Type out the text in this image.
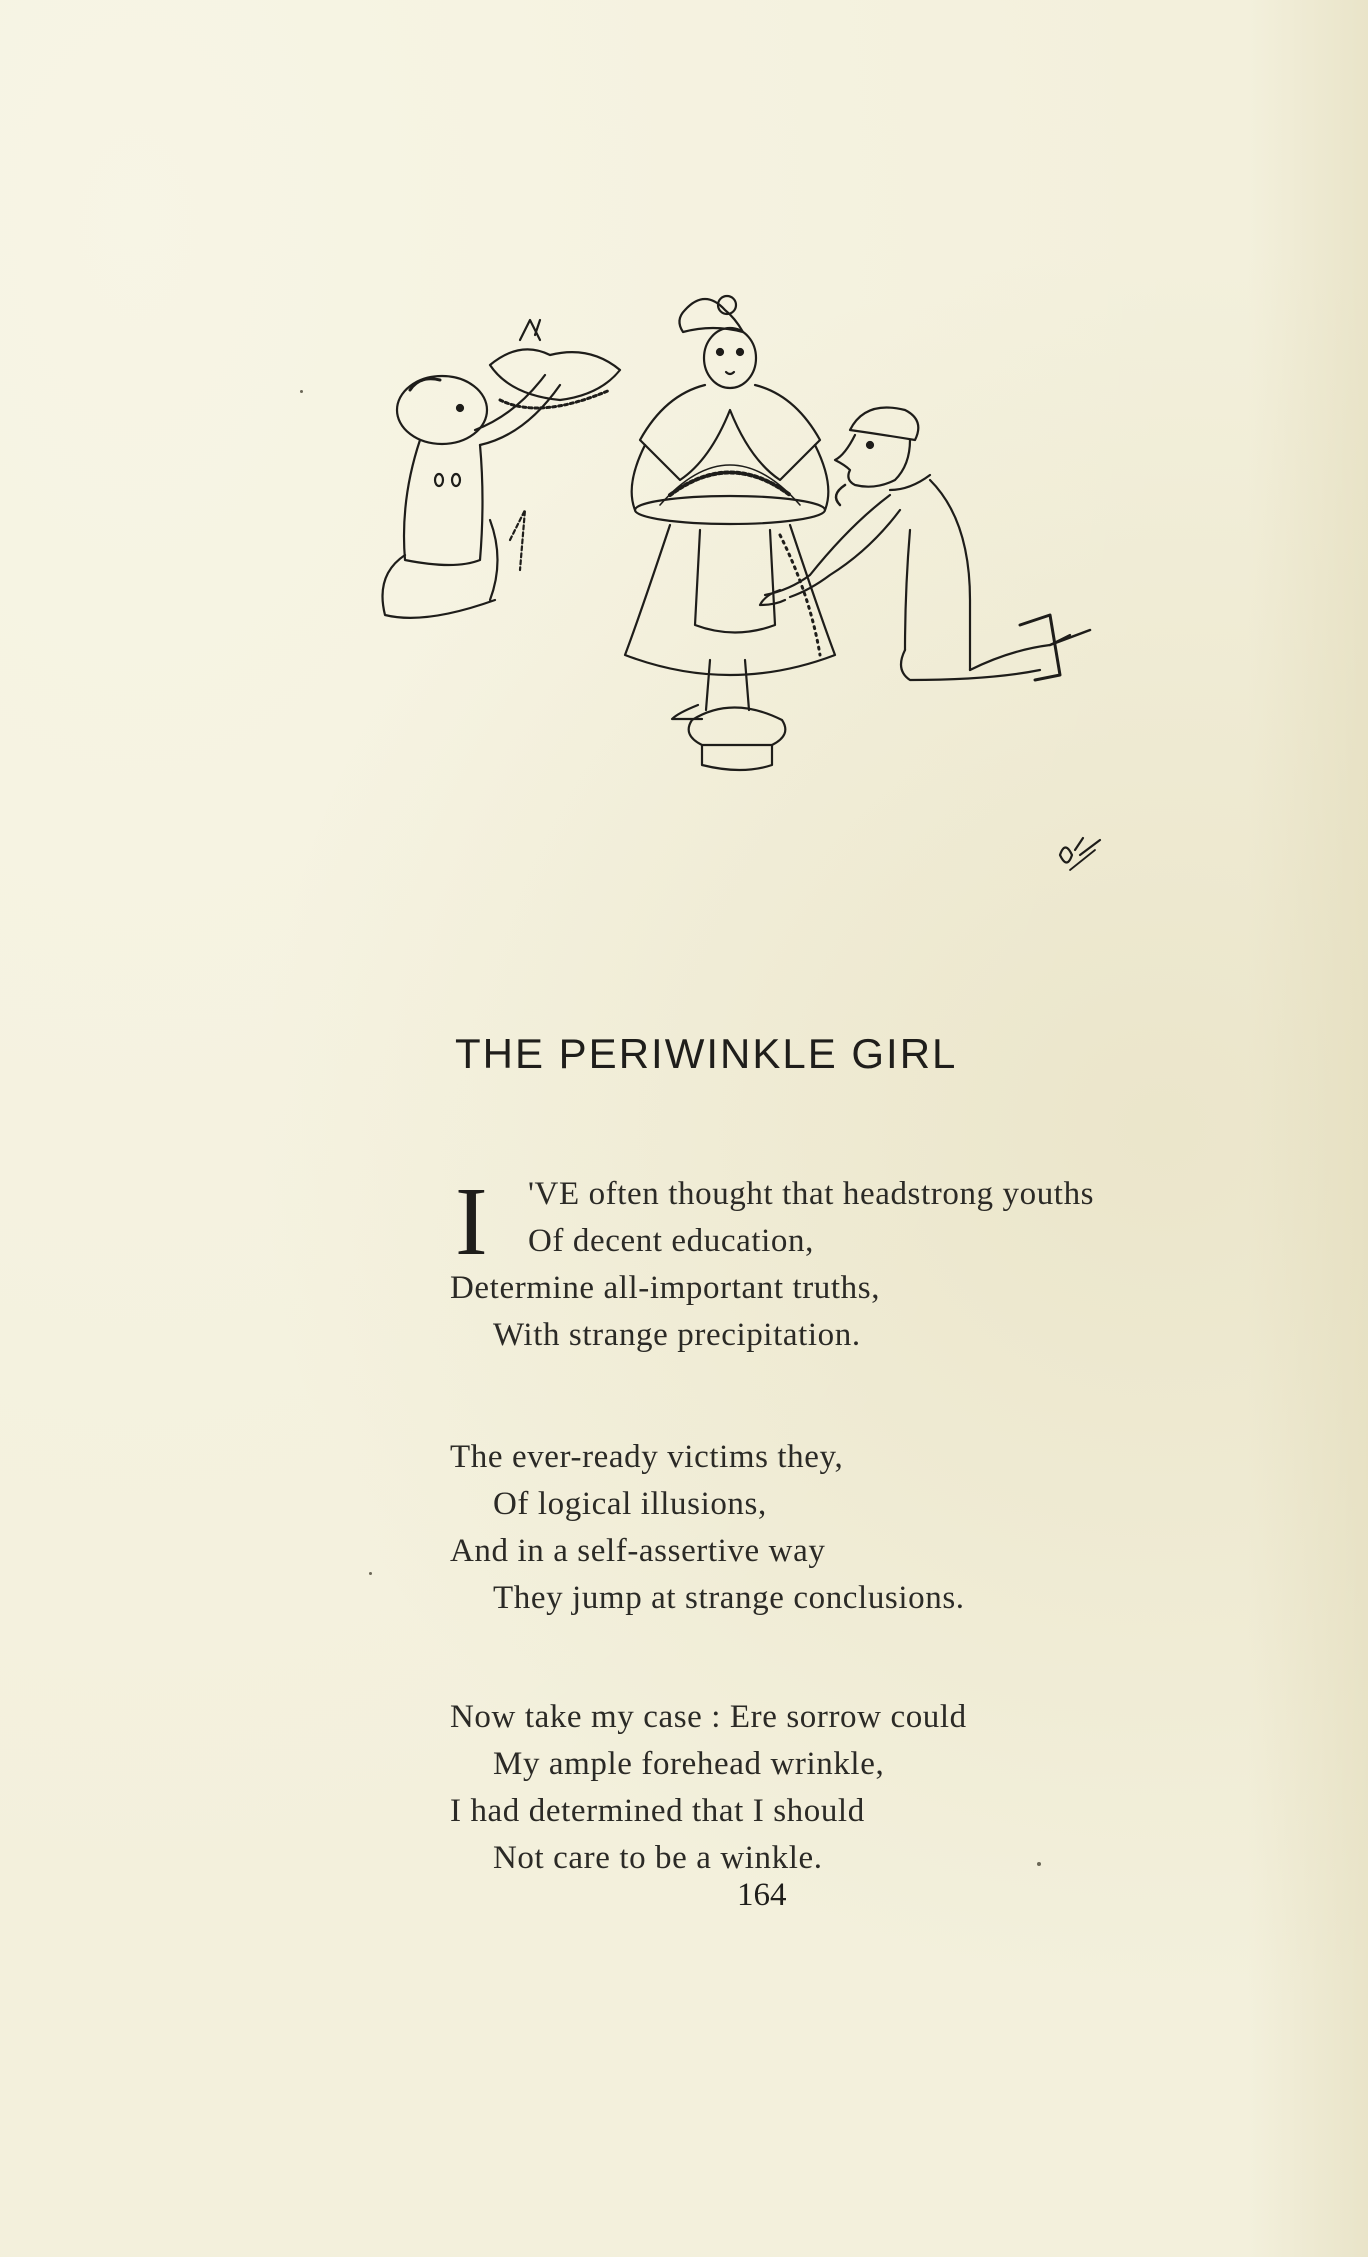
THE PERIWINKLE GIRL
I	'VE often thought that headstrong youths
Of decent education,
Determine all-important truths,
With strange precipitation.
The ever-ready victims they,
Of logical illusions,
And in a self-assertive way
They jump at strange conclusions.
Now take my case : Ere sorrow could
My ample forehead wrinkle,
I had determined that I should
Not care to be a winkle.
164
